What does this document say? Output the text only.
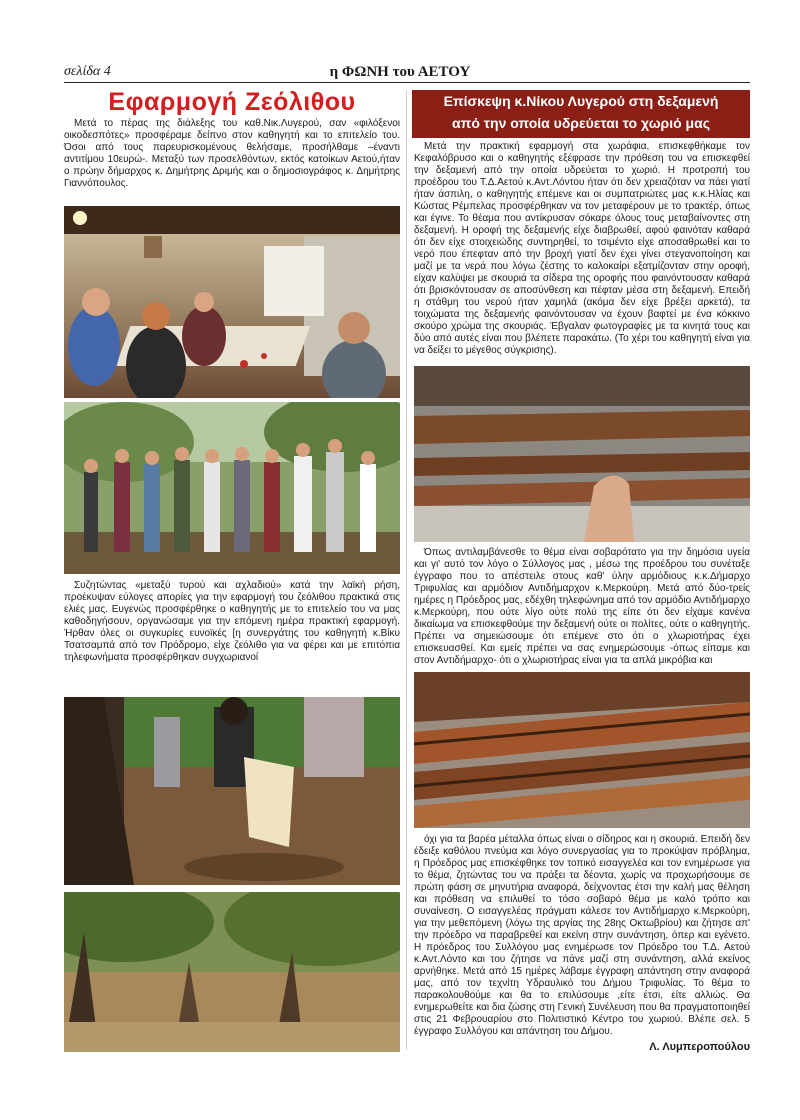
σελίδα 4	η ΦΩΝΗ του ΑΕΤΟΥ
Εφαρμογή Ζεόλιθου

Μετά το πέρας της διάλεξης του καθ.Νικ.Λυγερού, σαν «φιλόξενοι οικοδεσπότες» προσφέραμε δείπνο στον καθηγητή και το επιτελείο του. Όσοι από τους παρευρισκομένους θελήσαμε, προσήλθαμε –έναντι αντιτίμου 10ευρώ-. Μεταξύ των προσελθόντων, εκτός κατοίκων Αετού,ήταν ο πρώην δήμαρχος κ. Δημήτρης Δριμής και ο δημοσιογράφος κ. Δημήτρης Γιαννόπουλος.

Συζητώντας «μεταξύ τυρού και αχλαδιού» κατά την λαϊκή ρήση, προέκυψαν εύλογες απορίες για την εφαρμογή του ζεόλιθου πρακτικά στις ελιές μας. Ευγενώς προσφέρθηκε ο καθηγητής με το επιτελείο του να μας καθοδηγήσουν, οργανώσαμε για την επόμενη ημέρα πρακτική εφαρμογή. Ήρθαν όλες οι συγκυρίες ευνοϊκές [η συνεργάτης του καθηγητή κ.Βίκυ Τσατσαμπά από τον Πρόδρομο, είχε ζεόλιθο για να φέρει και με επιτόπια τηλεφωνήματα προσφέρθηκαν συγχωριανοί

Επίσκεψη κ.Νίκου Λυγερού στη δεξαμενή
από την οποία υδρεύεται το χωριό μας

Μετά την πρακτική εφαρμογή στα χωράφια, επισκεφθήκαμε τον Κεφαλόβρυσο και ο καθηγητής εξέφρασε την πρόθεση του να επισκεφθεί την δεξαμενή από την οποία υδρεύεται το χωριό. Η προτροπή του προέδρου του Τ.Δ.Αετού κ.Αντ.Λόντου ήταν ότι δεν χρειαζόταν να πάει γιατί ήταν άσπιλη, ο καθηγητής επέμενε και οι συμπατριώτες μας κ.κ.Ηλίας και Κώστας Ρέμπελας προσφέρθηκαν να τον μεταφέρουν με το τρακτέρ, όπως και έγινε. Το θέαμα που αντίκρυσαν σόκαρε όλους τους μεταβαίνοντες στη δεξαμενή. Η οροφή της δεξαμενής είχε διαβρωθεί, αφού φαινόταν καθαρά ότι δεν είχε στοιχειώδης συντηρηθεί, το τσιμέντο είχε αποσαθρωθεί και το νερό που έπεφταν από την βροχή γιατί δεν έχει γίνει στεγανοποίηση και μαζί με τα νερά που λόγω ζέστης το καλοκαίρι εξατμίζονταν στην οροφή, είχαν καλύψει με σκουριά τα σίδερα της οροφής που φαινόντουσαν καθαρά ότι βρισκόντουσαν σε αποσύνθεση και πέφταν μέσα στη δεξαμενή. Επειδή η στάθμη του νερού ήταν χαμηλά (ακόμα δεν είχε βρέξει αρκετά), τα τοιχώματα της δεξαμενής φαινόντουσαν να έχουν βαφτεί με ένα κόκκινο σκούρο χρώμα της σκουριάς. Έβγαλαν φωτογραφίες με τα κινητά τους και δύο από αυτές είναι που βλέπετε παρακάτω. (Το χέρι του καθηγητή είναι για να δείξει το μέγεθος σύγκρισης).

Όπως αντιλαμβάνεσθε το θέμα είναι σοβαρότατο για την δημόσια υγεία και γι' αυτό τον λόγο ο Σύλλογος μας , μέσω της προέδρου του συνέταξε έγγραφο που το απέστειλε στους καθ' ύλην αρμόδιους κ.κ.Δήμαρχο Τριφυλίας και αρμόδιον Αντιδήμαρχον κ.Μερκούρη. Μετά από δύο-τρείς ημέρες η Πρόεδρος μας, εδέχθη τηλεφώνημα από τον αρμόδιο Αντιδήμαρχο κ.Μερκούρη, που ούτε λίγο ούτε πολύ της είπε ότι δεν είχαμε κανένα δικαίωμα να επισκεφθούμε την δεξαμενή ούτε οι πολίτες, ούτε ο καθηγητής. Πρέπει να σημειώσουμε ότι επέμενε στο ότι ο χλωριοτήρας έχει επισκευασθεί. Και εμείς πρέπει να σας ενημερώσουμε -όπως είπαμε και στον Αντιδήμαρχο- ότι ο χλωριοτήρας είναι για τα απλά μικρόβια και

όχι για τα βαρέα μέταλλα όπως είναι ο σίδηρος και η σκουριά. Επειδή δεν έδειξε καθόλου πνεύμα και λόγο συνεργασίας για το προκύψαν πρόβλημα, η Πρόεδρος μας επισκέφθηκε τον τοπικό εισαγγελέα και τον ενημέρωσε για το θέμα, ζητώντας του να πράξει τα δέοντα, χωρίς να προχωρήσουμε σε πρώτη φάση σε μηνυτήρια αναφορά, δείχνοντας έτσι την καλή μας θέληση και πρόθεση να επιλυθεί το τόσο σοβαρό θέμα με καλό τρόπο και συναίνεση. Ο εισαγγελέας πράγματι κάλεσε τον Αντιδήμαρχο κ.Μερκούρη, για την μεθεπόμενη (λόγω της αργίας της 28ης Οκτωβρίου) και ζήτησε απ' την πρόεδρο να παραβρεθεί και εκείνη στην συνάντηση, όπερ και εγένετο. Η πρόεδρος του Συλλόγου μας ενημέρωσε τον Πρόεδρο του Τ.Δ. Αετού κ.Αντ.Λόντο και του ζήτησε να πάνε μαζί στη συνάντηση, αλλά εκείνος αρνήθηκε. Μετά από 15 ημέρες λάβαμε έγγραφη απάντηση στην αναφορά μας, από τον τεχνίτη Υδραυλικό του Δήμου Τριφυλίας. Το θέμα το παρακολουθούμε και θα το επιλύσουμε ,είτε έτσι, είτε αλλιώς. Θα ενημερωθείτε και δια ζώσης στη Γενική Συνέλευση που θα πραγματοποιηθεί στις 21 Φεβρουαρίου στο Πολιτιστικό Κέντρο του χωριού. Βλέπε σελ. 5 έγγραφο Συλλόγου και απάντηση του Δήμου.

Λ. Λυμπεροπούλου
